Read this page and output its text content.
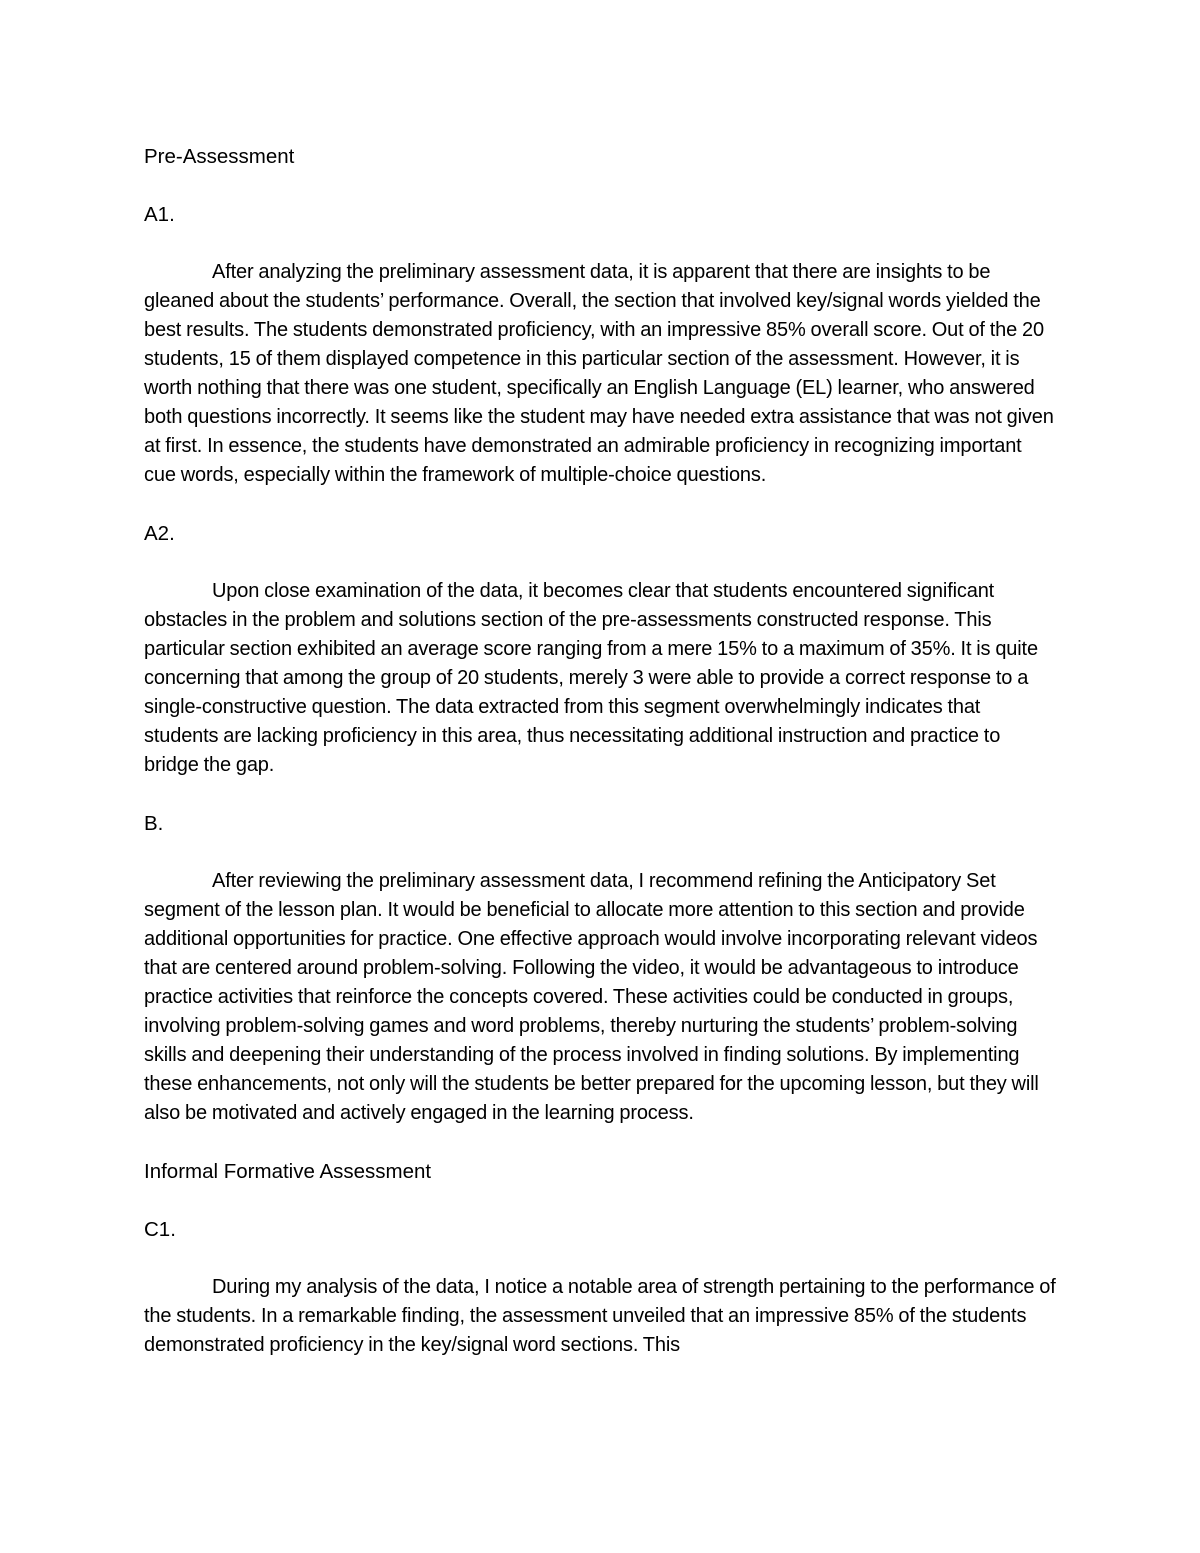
Pre-Assessment
A1.

After analyzing the preliminary assessment data, it is apparent that there are insights to be gleaned about the students’ performance. Overall, the section that involved key/signal words yielded the best results. The students demonstrated proficiency, with an impressive 85% overall score. Out of the 20 students, 15 of them displayed competence in this particular section of the assessment. However, it is worth nothing that there was one student, specifically an English Language (EL) learner, who answered both questions incorrectly. It seems like the student may have needed extra assistance that was not given at first. In essence, the students have demonstrated an admirable proficiency in recognizing important cue words, especially within the framework of multiple-choice questions.

A2.

Upon close examination of the data, it becomes clear that students encountered significant obstacles in the problem and solutions section of the pre-assessments constructed response. This particular section exhibited an average score ranging from a mere 15% to a maximum of 35%. It is quite concerning that among the group of 20 students, merely 3 were able to provide a correct response to a single-constructive question. The data extracted from this segment overwhelmingly indicates that students are lacking proficiency in this area, thus necessitating additional instruction and practice to bridge the gap.

B.

After reviewing the preliminary assessment data, I recommend refining the Anticipatory Set segment of the lesson plan. It would be beneficial to allocate more attention to this section and provide additional opportunities for practice. One effective approach would involve incorporating relevant videos that are centered around problem-solving. Following the video, it would be advantageous to introduce practice activities that reinforce the concepts covered. These activities could be conducted in groups, involving problem-solving games and word problems, thereby nurturing the students’ problem-solving skills and deepening their understanding of the process involved in finding solutions. By implementing these enhancements, not only will the students be better prepared for the upcoming lesson, but they will also be motivated and actively engaged in the learning process.

Informal Formative Assessment
C1.

During my analysis of the data, I notice a notable area of strength pertaining to the performance of the students. In a remarkable finding, the assessment unveiled that an impressive 85% of the students demonstrated proficiency in the key/signal word sections. This
